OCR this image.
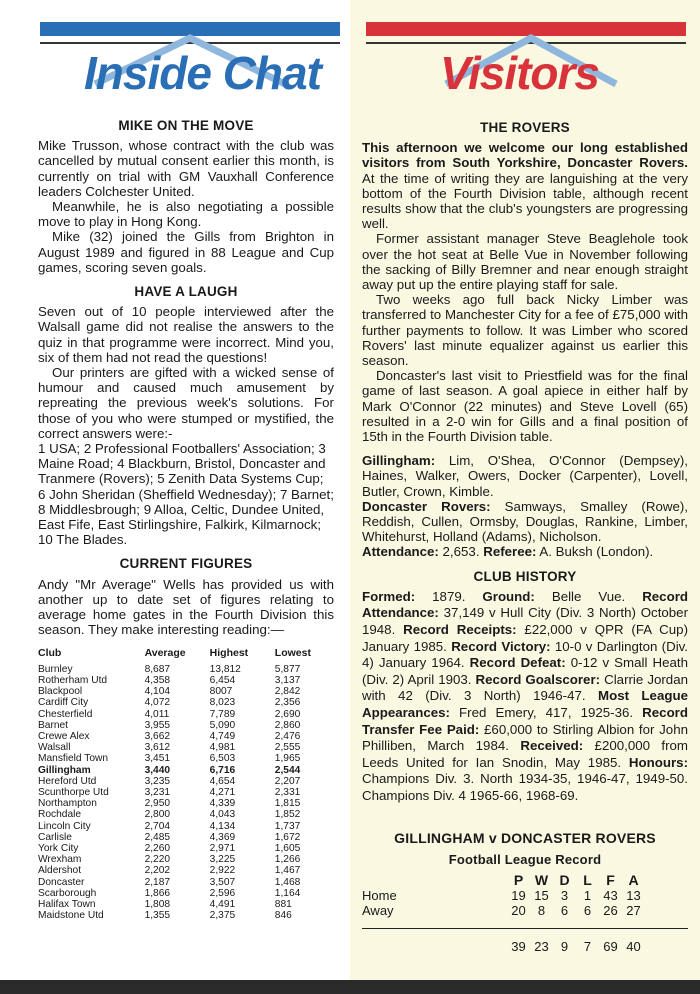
Inside Chat
MIKE ON THE MOVE

Mike Trusson, whose contract with the club was cancelled by mutual consent earlier this month, is currently on trial with GM Vauxhall Conference leaders Colchester United.

Meanwhile, he is also negotiating a possible move to play in Hong Kong.

Mike (32) joined the Gills from Brighton in August 1989 and figured in 88 League and Cup games, scoring seven goals.

HAVE A LAUGH

Seven out of 10 people interviewed after the Walsall game did not realise the answers to the quiz in that programme were incorrect. Mind you, six of them had not read the questions!

Our printers are gifted with a wicked sense of humour and caused much amusement by repreating the previous week's solutions. For those of you who were stumped or mystified, the correct answers were:-

1 USA; 2 Professional Footballers' Association; 3 Maine Road; 4 Blackburn, Bristol, Doncaster and Tranmere (Rovers); 5 Zenith Data Systems Cup; 6 John Sheridan (Sheffield Wednesday); 7 Barnet; 8 Middlesbrough; 9 Alloa, Celtic, Dundee United, East Fife, East Stirlingshire, Falkirk, Kilmarnock; 10 The Blades.

CURRENT FIGURES

Andy "Mr Average" Wells has provided us with another up to date set of figures relating to average home gates in the Fourth Division this season. They make interesting reading:—

Club	Average	Highest	Lowest
Burnley	8,687	13,812	5,877
Rotherham Utd	4,358	6,454	3,137
Blackpool	4,104	8007	2,842
Cardiff City	4,072	8,023	2,356
Chesterfield	4,011	7,789	2,690
Barnet	3,955	5,090	2,860
Crewe Alex	3,662	4,749	2,476
Walsall	3,612	4,981	2,555
Mansfield Town	3,451	6,503	1,965
Gillingham	3,440	6,716	2,544
Hereford Utd	3,235	4,654	2,207
Scunthorpe Utd	3,231	4,271	2,331
Northampton	2,950	4,339	1,815
Rochdale	2,800	4,043	1,852
Lincoln City	2,704	4,134	1,737
Carlisle	2,485	4,369	1,672
York City	2,260	2,971	1,605
Wrexham	2,220	3,225	1,266
Aldershot	2,202	2,922	1,467
Doncaster	2,187	3,507	1,468
Scarborough	1,866	2,596	1,164
Halifax Town	1,808	4,491	881
Maidstone Utd	1,355	2,375	846
Visitors
THE ROVERS

This afternoon we welcome our long established visitors from South Yorkshire, Doncaster Rovers. At the time of writing they are languishing at the very bottom of the Fourth Division table, although recent results show that the club's youngsters are progressing well.

Former assistant manager Steve Beaglehole took over the hot seat at Belle Vue in November following the sacking of Billy Bremner and near enough straight away put up the entire playing staff for sale.

Two weeks ago full back Nicky Limber was transferred to Manchester City for a fee of £75,000 with further payments to follow. It was Limber who scored Rovers' last minute equalizer against us earlier this season.

Doncaster's last visit to Priestfield was for the final game of last season. A goal apiece in either half by Mark O'Connor (22 minutes) and Steve Lovell (65) resulted in a 2-0 win for Gills and a final position of 15th in the Fourth Division table.

Gillingham: Lim, O'Shea, O'Connor (Dempsey), Haines, Walker, Owers, Docker (Carpenter), Lovell, Butler, Crown, Kimble.

Doncaster Rovers: Samways, Smalley (Rowe), Reddish, Cullen, Ormsby, Douglas, Rankine, Limber, Whitehurst, Holland (Adams), Nicholson.

Attendance: 2,653. Referee: A. Buksh (London).

CLUB HISTORY

Formed: 1879. Ground: Belle Vue. Record Attendance: 37,149 v Hull City (Div. 3 North) October 1948. Record Receipts: £22,000 v QPR (FA Cup) January 1985. Record Victory: 10-0 v Darlington (Div. 4) January 1964. Record Defeat: 0-12 v Small Heath (Div. 2) April 1903. Record Goalscorer: Clarrie Jordan with 42 (Div. 3 North) 1946-47. Most League Appearances: Fred Emery, 417, 1925-36. Record Transfer Fee Paid: £60,000 to Stirling Albion for John Philliben, March 1984. Received: £200,000 from Leeds United for Ian Snodin, May 1985. Honours: Champions Div. 3. North 1934-35, 1946-47, 1949-50. Champions Div. 4 1965-66, 1968-69.

GILLINGHAM v DONCASTER ROVERS
Football League Record
P W D L	F A
Home	19 15 3	1 43 13
Away	20 8	6	6 26 27
39 23 9	7 69 40
